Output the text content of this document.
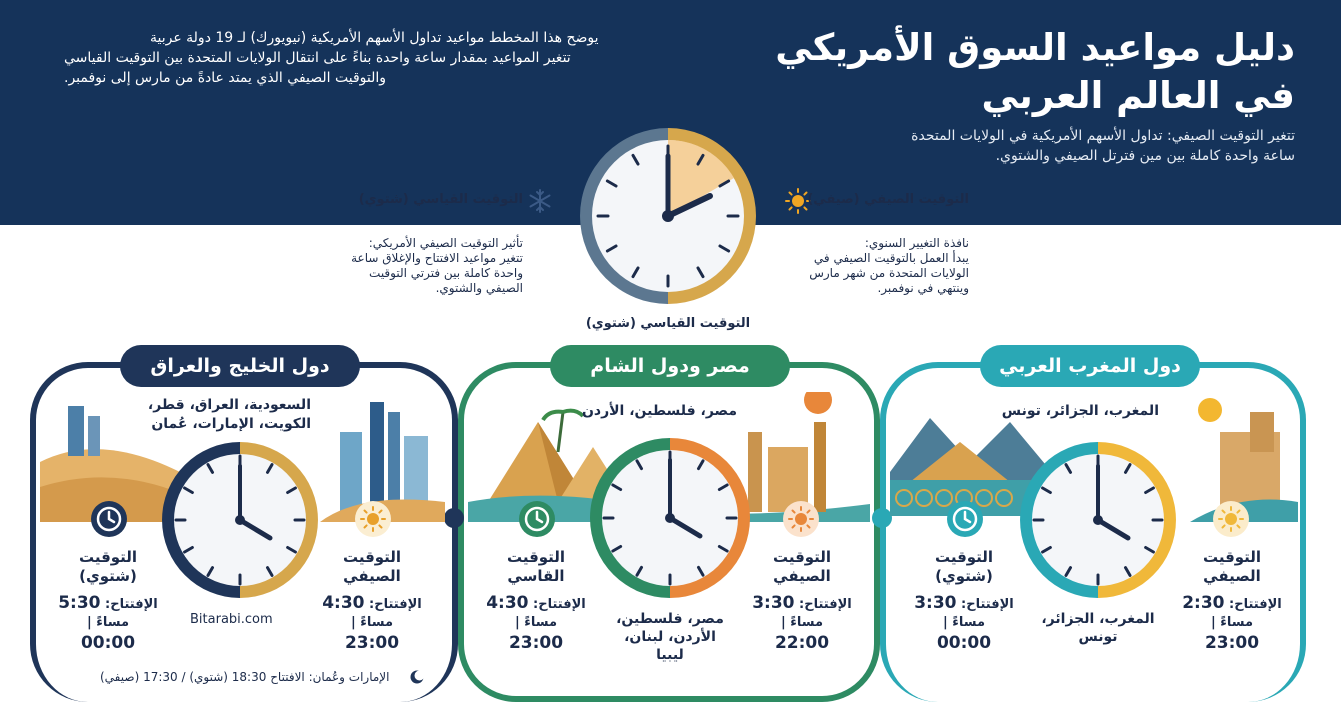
دليل مواعيد السوق الأمريكي
في العالم العربي
تتغير التوقيت الصيفي: تداول الأسهم الأمريكية في الولايات المتحدة
ساعة واحدة كاملة بين مين فترتل الصيفي والشتوي.
يوضح هذا المخطط مواعيد تداول الأسهم الأمريكية (نيويورك) لـ 19 دولة عربية
تتغير المواعيد بمقدار ساعة واحدة بناءً على انتقال الولايات المتحدة بين التوقيت القياسي
والتوقيت الصيفي الذي يمتد عادةً من مارس إلى نوفمبر.
التوقيت الصيفي (صيفي)
التوقيت القياسي (شتوي)
التوقيت القياسي (شتوي)
نافذة التغيير السنوي:
يبدأ العمل بالتوقيت الصيفي في
الولايات المتحدة من شهر مارس
وينتهي في نوفمبر.
تأثير التوقيت الصيفي الأمريكي:
تتغير مواعيد الافتتاح والإغلاق ساعة
واحدة كاملة بين فترتي التوقيت
الصيفي والشتوي.
دول الخليج والعراق	مصر ودول الشام	دول المغرب العربي
السعودية، العراق، قطر،
الكويت، الإمارات، عُمان
التوقيت
(شتوي)
الإفتتاح: 5:30
مساءً |
00:00
التوقيت
الصيفي
الإفتتاح: 4:30
مساءً |
23:00
Bitarabi.com
مصر، فلسطين، الأردن
التوقيت
القاسي
الإفتتاح: 4:30
مساءً |
23:00
التوقيت
الصيفي
الإفتتاح: 3:30
مساءً |
22:00
مصر، فلسطين،
الأردن، لبنان،
ليبيا
المغرب، الجزائر، تونس
التوقيت
(شتوي)
الإفتتاح: 3:30
مساءً |
00:00
التوقيت
الصيفي
الإفتتاح: 2:30
مساءً |
23:00
المغرب، الجزائر،
تونس
الإمارات وعُمان: الافتتاح 18:30 (شتوي) / 17:30 (صيفي)
